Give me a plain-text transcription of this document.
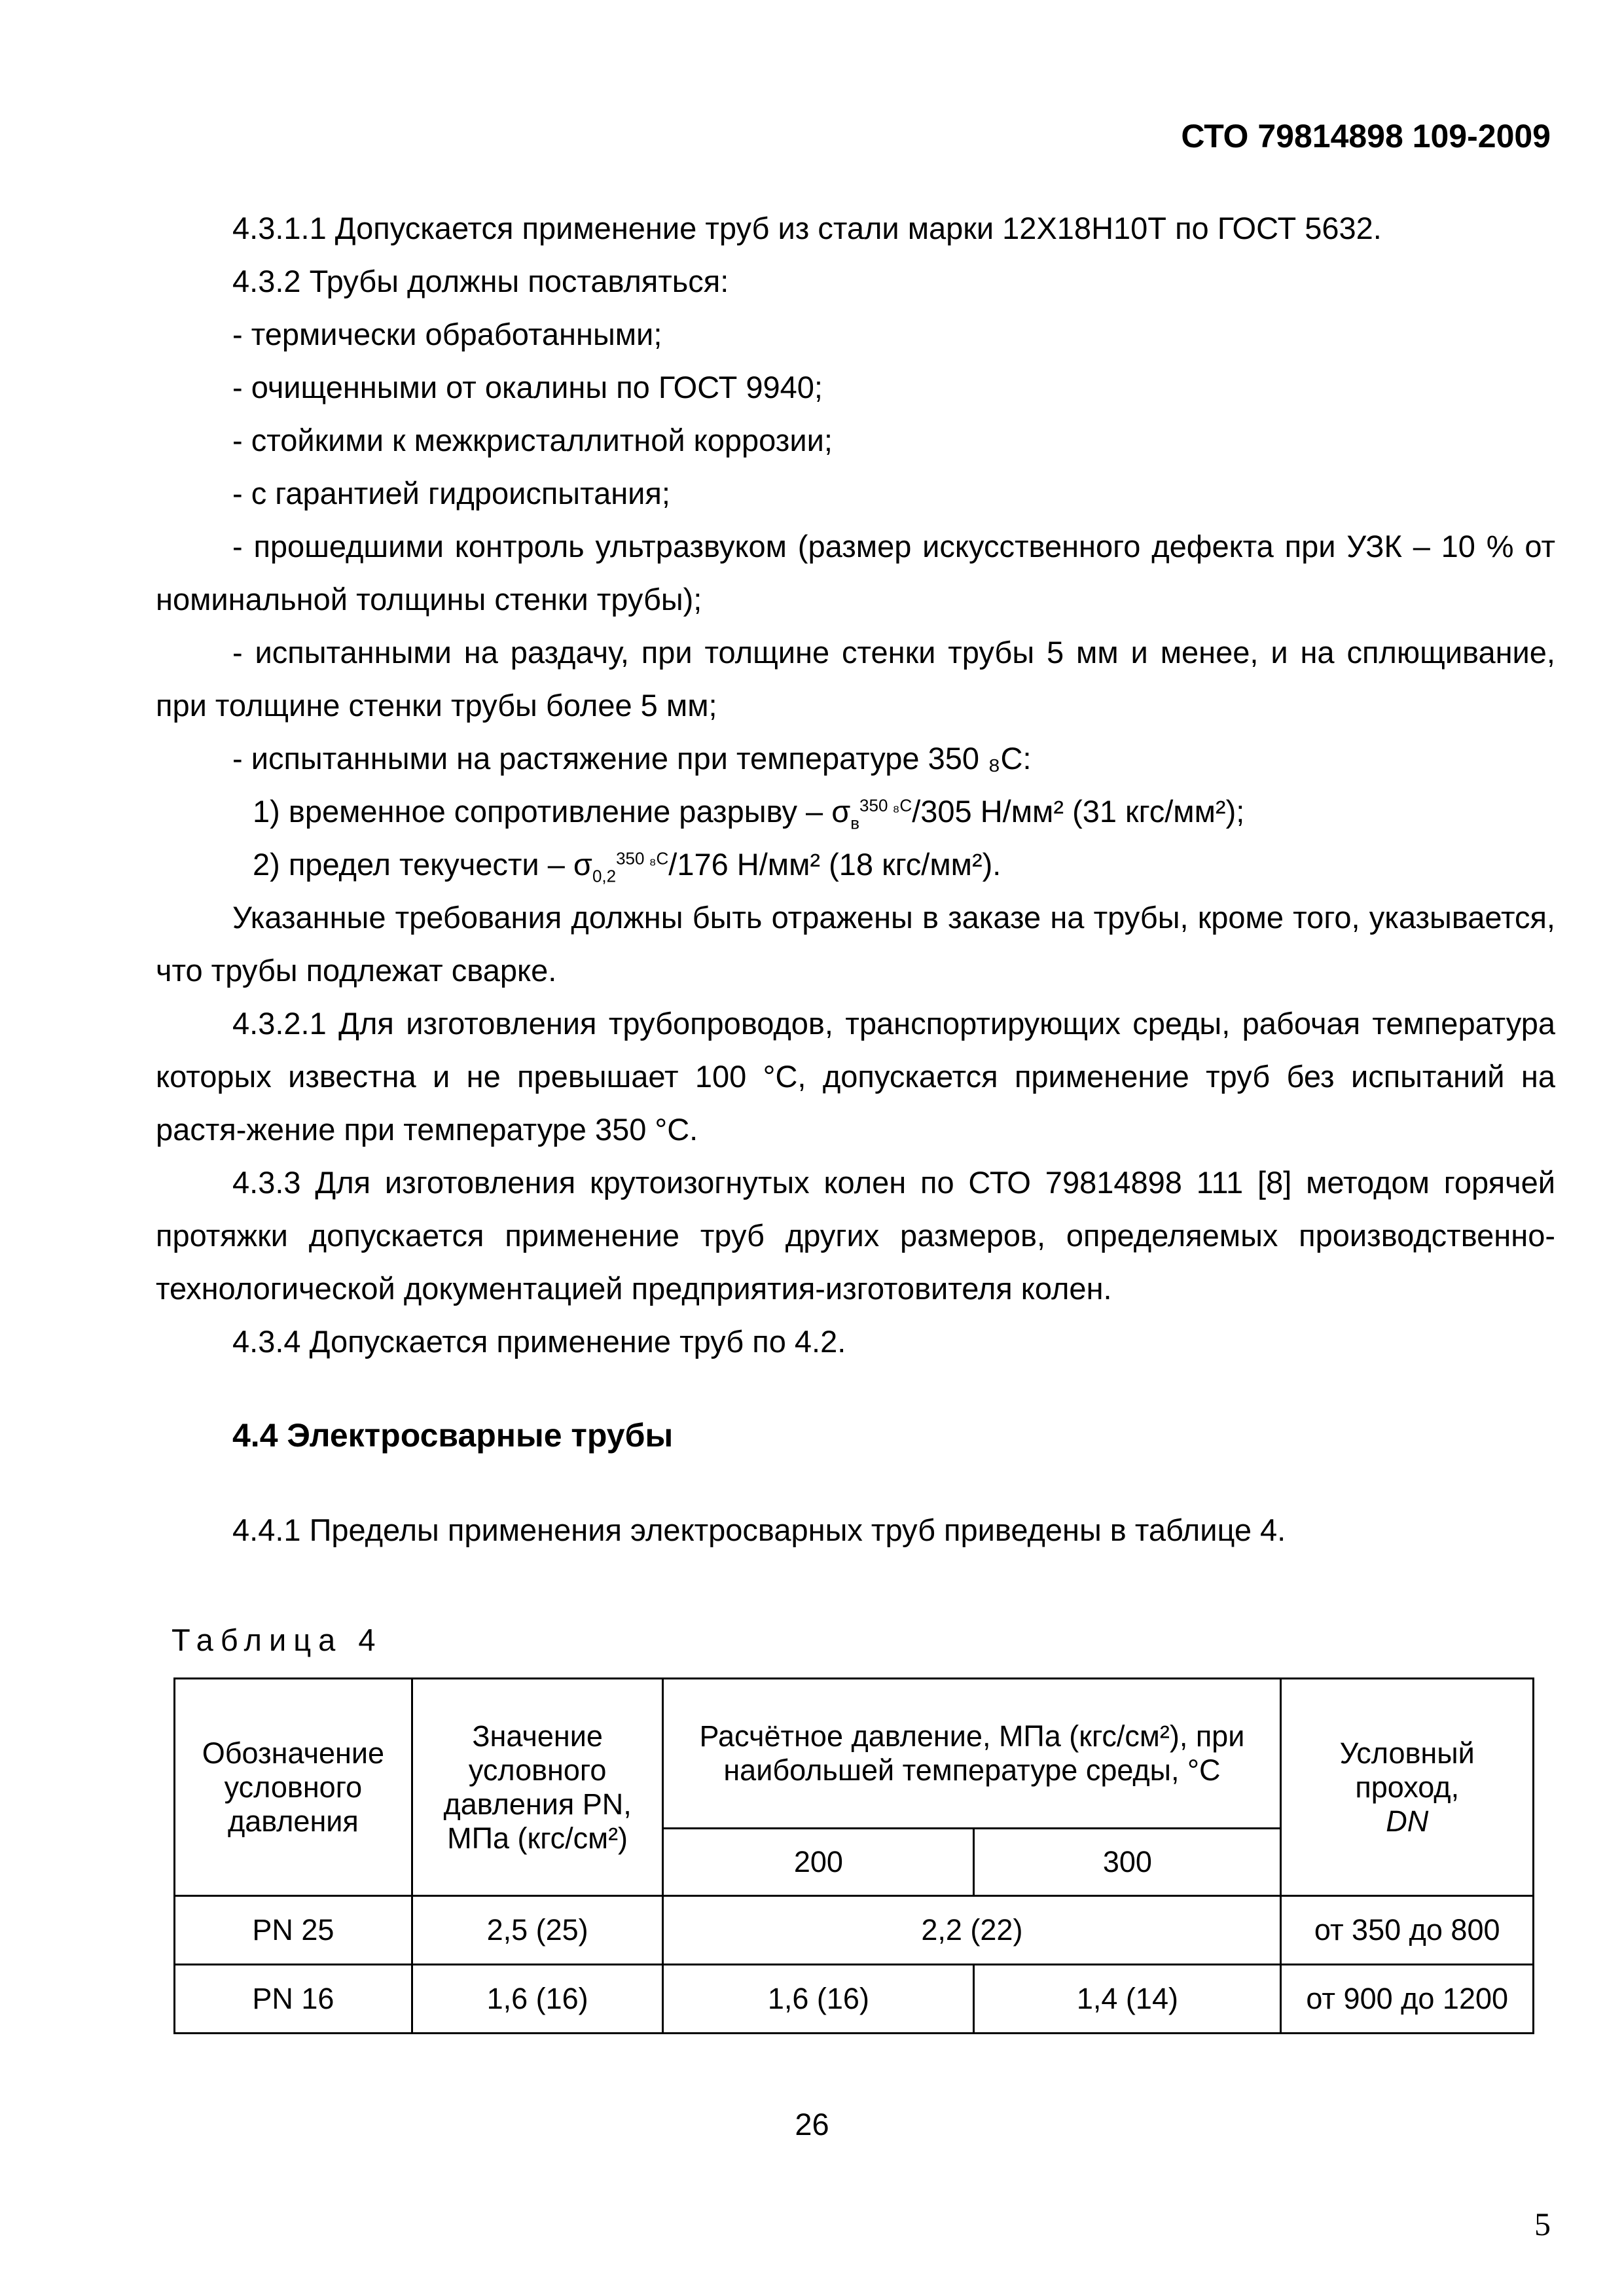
СТО 79814898 109-2009

4.3.1.1 Допускается применение труб из стали марки 12Х18Н10Т по ГОСТ 5632.

4.3.2 Трубы должны поставляться:

- термически обработанными;

- очищенными от окалины по ГОСТ 9940;

- стойкими к межкристаллитной коррозии;

- с гарантией гидроиспытания;

- прошедшими контроль ультразвуком (размер искусственного дефекта при УЗК – 10 % от номинальной толщины стенки трубы);

- испытанными на раздачу, при толщине стенки трубы 5 мм и менее, и на сплющивание, при толщине стенки трубы более 5 мм;

- испытанными на растяжение при температуре 350 ₈С:

1) временное сопротивление разрыву – $\sigma_в^{350 _8С}/305$ Н/мм² (31 кгс/мм²);

2) предел текучести – $\sigma_{0,2}^{350 _8С}/176$ Н/мм² (18 кгс/мм²).

Указанные требования должны быть отражены в заказе на трубы, кроме того, указывается, что трубы подлежат сварке.

4.3.2.1 Для изготовления трубопроводов, транспортирующих среды, рабочая температура которых известна и не превышает 100 °С, допускается применение труб без испытаний на растя-жение при температуре 350 °С.

4.3.3 Для изготовления крутоизогнутых колен по СТО 79814898 111 [8] методом горячей протяжки допускается применение труб других размеров, определяемых производственно-технологической документацией предприятия-изготовителя колен.

4.3.4 Допускается применение труб по 4.2.

4.4 Электросварные трубы

4.4.1 Пределы применения электросварных труб приведены в таблице 4.

Таблица 4
Обозначение условного давления	Значение условного давления PN, МПа (кгс/см²)	Расчётное давление, МПа (кгс/см²), при наибольшей температуре среды, °С		Условный проход,
DN
		200	300	
PN 25	2,5 (25)	2,2 (22)		от 350 до 800
PN 16	1,6 (16)	1,6 (16)	1,4 (14)	от 900 до 1200
26
5
